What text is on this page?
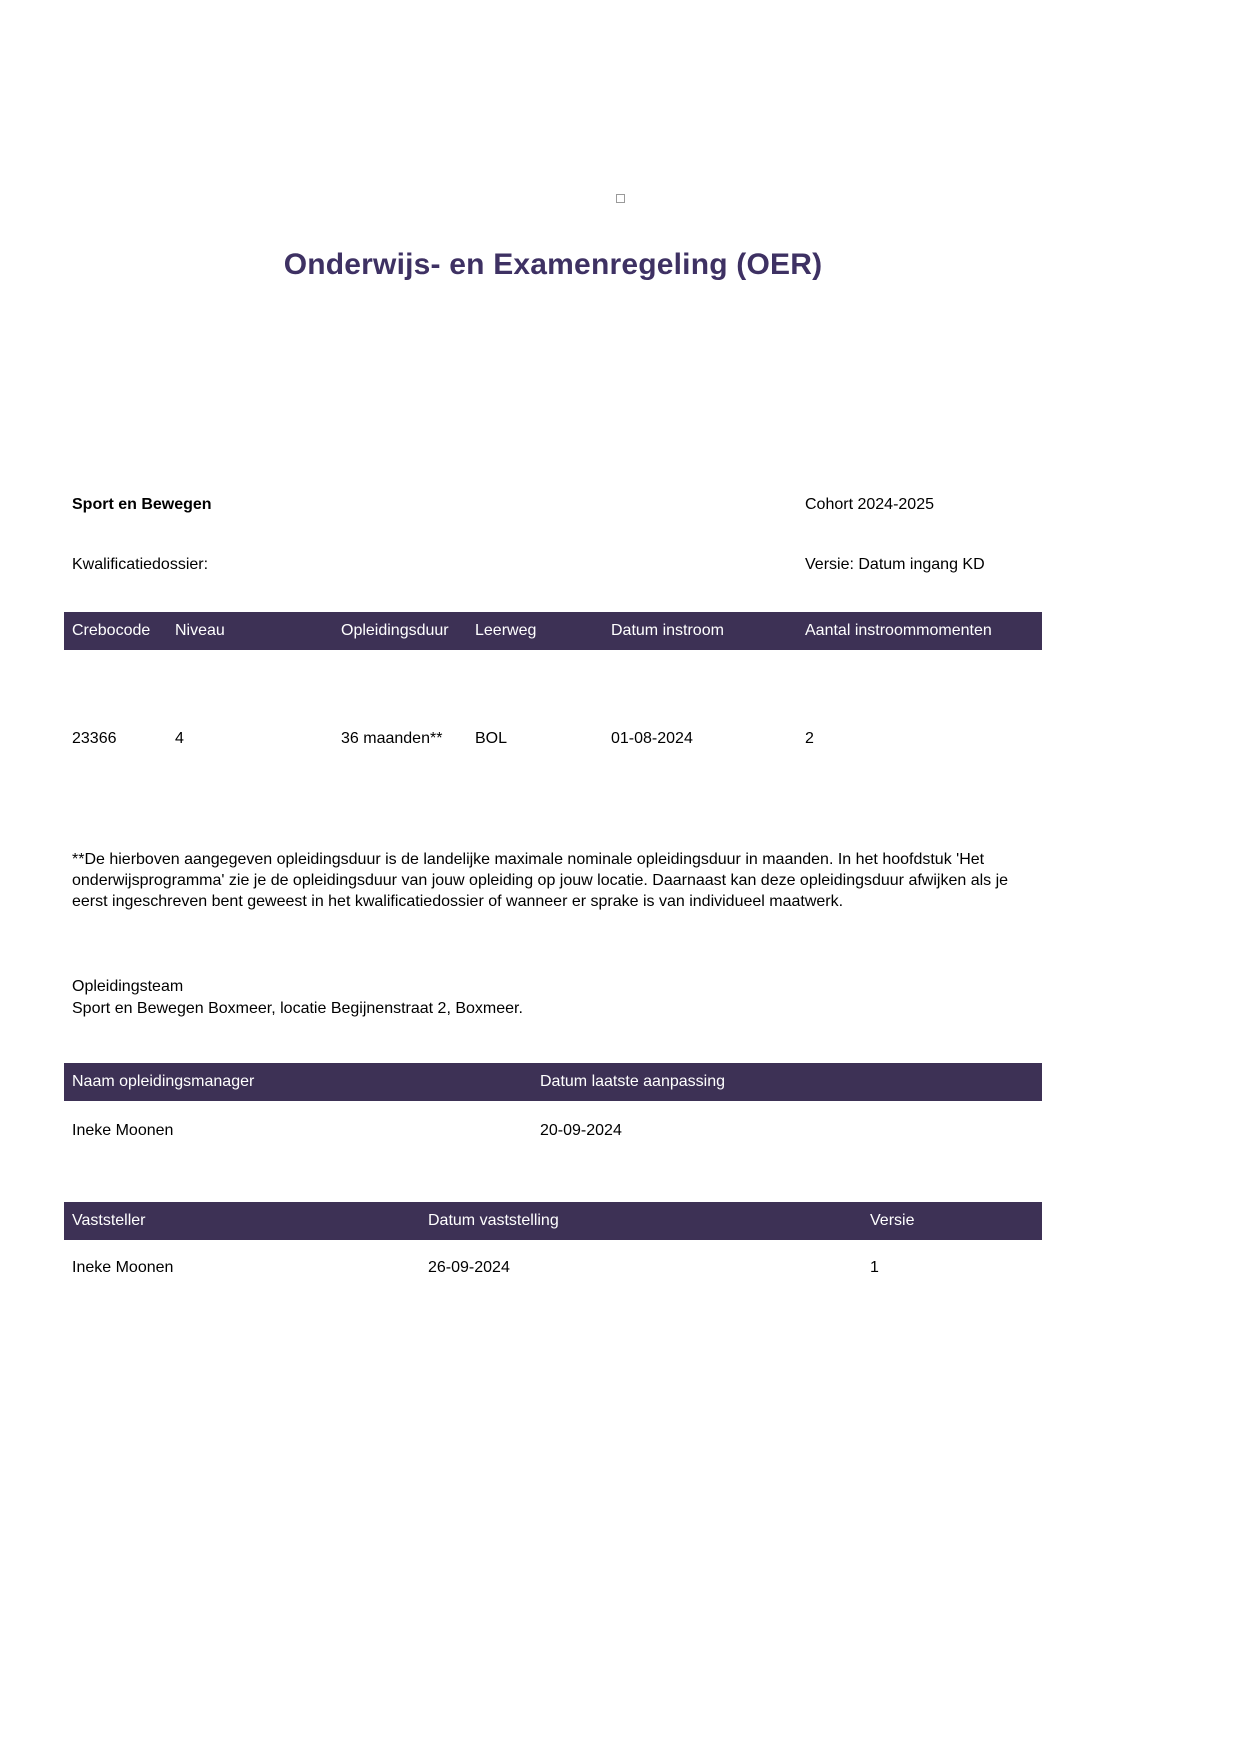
Onderwijs- en Examenregeling (OER)
Sport en Bewegen	Cohort 2024-2025
Kwalificatiedossier:	Versie: Datum ingang KD
Crebocode	Niveau	Opleidingsduur	Leerweg	Datum instroom	Aantal instroommomenten
23366	4	36 maanden**	BOL	01-08-2024	2

**De hierboven aangegeven opleidingsduur is de landelijke maximale nominale opleidingsduur in maanden. In het hoofdstuk 'Het onderwijsprogramma' zie je de opleidingsduur van jouw opleiding op jouw locatie. Daarnaast kan deze opleidingsduur afwijken als je eerst ingeschreven bent geweest in het kwalificatiedossier of wanneer er sprake is van individueel maatwerk.

Opleidingsteam
Sport en Bewegen Boxmeer, locatie Begijnenstraat 2, Boxmeer.
Naam opleidingsmanager	Datum laatste aanpassing
Ineke Moonen	20-09-2024
Vaststeller	Datum vaststelling	Versie
Ineke Moonen	26-09-2024	1
